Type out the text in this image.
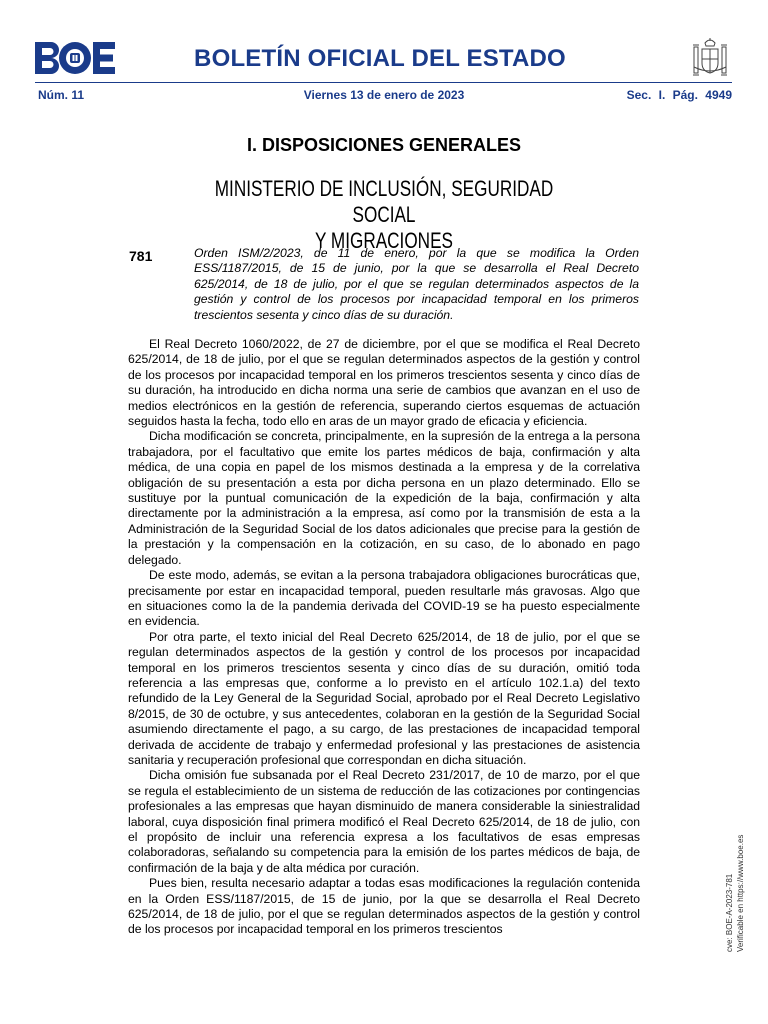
BOLETÍN OFICIAL DEL ESTADO
Núm. 11	Viernes 13 de enero de 2023	Sec. I. Pág. 4949
I. DISPOSICIONES GENERALES
MINISTERIO DE INCLUSIÓN, SEGURIDAD SOCIAL
Y MIGRACIONES
781	Orden ISM/2/2023, de 11 de enero, por la que se modifica la Orden ESS/1187/2015, de 15 de junio, por la que se desarrolla el Real Decreto 625/2014, de 18 de julio, por el que se regulan determinados aspectos de la gestión y control de los procesos por incapacidad temporal en los primeros trescientos sesenta y cinco días de su duración.

El Real Decreto 1060/2022, de 27 de diciembre, por el que se modifica el Real Decreto 625/2014, de 18 de julio, por el que se regulan determinados aspectos de la gestión y control de los procesos por incapacidad temporal en los primeros trescientos sesenta y cinco días de su duración, ha introducido en dicha norma una serie de cambios que avanzan en el uso de medios electrónicos en la gestión de referencia, superando ciertos esquemas de actuación seguidos hasta la fecha, todo ello en aras de un mayor grado de eficacia y eficiencia.

Dicha modificación se concreta, principalmente, en la supresión de la entrega a la persona trabajadora, por el facultativo que emite los partes médicos de baja, confirmación y alta médica, de una copia en papel de los mismos destinada a la empresa y de la correlativa obligación de su presentación a esta por dicha persona en un plazo determinado. Ello se sustituye por la puntual comunicación de la expedición de la baja, confirmación y alta directamente por la administración a la empresa, así como por la transmisión de esta a la Administración de la Seguridad Social de los datos adicionales que precise para la gestión de la prestación y la compensación en la cotización, en su caso, de lo abonado en pago delegado.

De este modo, además, se evitan a la persona trabajadora obligaciones burocráticas que, precisamente por estar en incapacidad temporal, pueden resultarle más gravosas. Algo que en situaciones como la de la pandemia derivada del COVID-19 se ha puesto especialmente en evidencia.

Por otra parte, el texto inicial del Real Decreto 625/2014, de 18 de julio, por el que se regulan determinados aspectos de la gestión y control de los procesos por incapacidad temporal en los primeros trescientos sesenta y cinco días de su duración, omitió toda referencia a las empresas que, conforme a lo previsto en el artículo 102.1.a) del texto refundido de la Ley General de la Seguridad Social, aprobado por el Real Decreto Legislativo 8/2015, de 30 de octubre, y sus antecedentes, colaboran en la gestión de la Seguridad Social asumiendo directamente el pago, a su cargo, de las prestaciones de incapacidad temporal derivada de accidente de trabajo y enfermedad profesional y las prestaciones de asistencia sanitaria y recuperación profesional que correspondan en dicha situación.

Dicha omisión fue subsanada por el Real Decreto 231/2017, de 10 de marzo, por el que se regula el establecimiento de un sistema de reducción de las cotizaciones por contingencias profesionales a las empresas que hayan disminuido de manera considerable la siniestralidad laboral, cuya disposición final primera modificó el Real Decreto 625/2014, de 18 de julio, con el propósito de incluir una referencia expresa a los facultativos de esas empresas colaboradoras, señalando su competencia para la emisión de los partes médicos de baja, de confirmación de la baja y de alta médica por curación.

Pues bien, resulta necesario adaptar a todas esas modificaciones la regulación contenida en la Orden ESS/1187/2015, de 15 de junio, por la que se desarrolla el Real Decreto 625/2014, de 18 de julio, por el que se regulan determinados aspectos de la gestión y control de los procesos por incapacidad temporal en los primeros trescientos	cve: BOE-A-2023-781 Verificable en https://www.boe.es
